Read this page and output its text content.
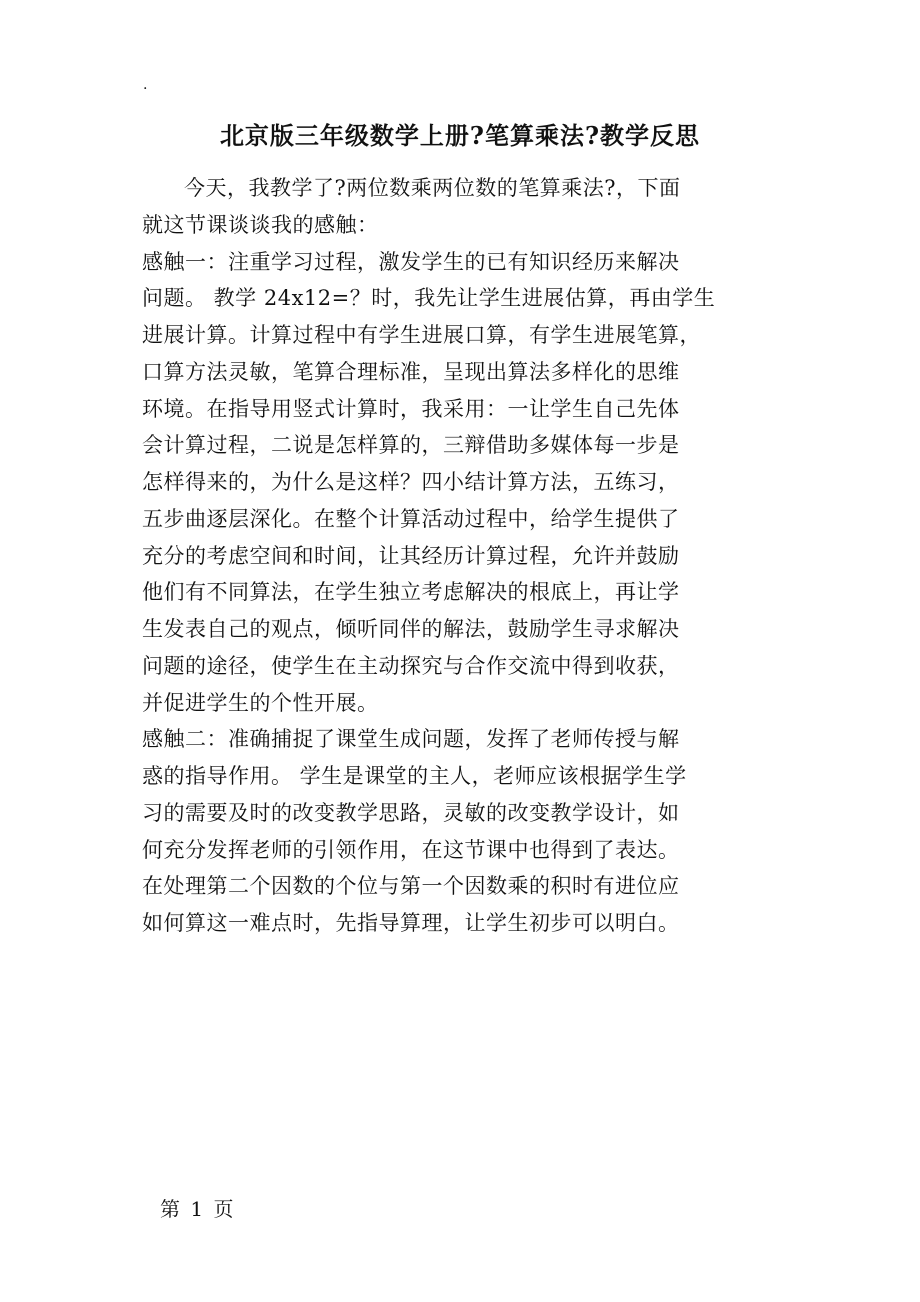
.
北京版三年级数学上册?笔算乘法?教学反思
今天，我教学了?两位数乘两位数的笔算乘法?，下面
就这节课谈谈我的感触：
感触一：注重学习过程，激发学生的已有知识经历来解决
问题。 教学 24x12=？时，我先让学生进展估算，再由学生
进展计算。计算过程中有学生进展口算，有学生进展笔算，
口算方法灵敏，笔算合理标准，呈现出算法多样化的思维
环境。在指导用竖式计算时，我采用：一让学生自己先体
会计算过程，二说是怎样算的，三辩借助多媒体每一步是
怎样得来的，为什么是这样？四小结计算方法，五练习，
五步曲逐层深化。在整个计算活动过程中，给学生提供了
充分的考虑空间和时间，让其经历计算过程，允许并鼓励
他们有不同算法，在学生独立考虑解决的根底上，再让学
生发表自己的观点，倾听同伴的解法，鼓励学生寻求解决
问题的途径，使学生在主动探究与合作交流中得到收获，
并促进学生的个性开展。
感触二：准确捕捉了课堂生成问题，发挥了老师传授与解
惑的指导作用。 学生是课堂的主人，老师应该根据学生学
习的需要及时的改变教学思路，灵敏的改变教学设计，如
何充分发挥老师的引领作用，在这节课中也得到了表达。
在处理第二个因数的个位与第一个因数乘的积时有进位应
如何算这一难点时，先指导算理，让学生初步可以明白。
第 1 页
